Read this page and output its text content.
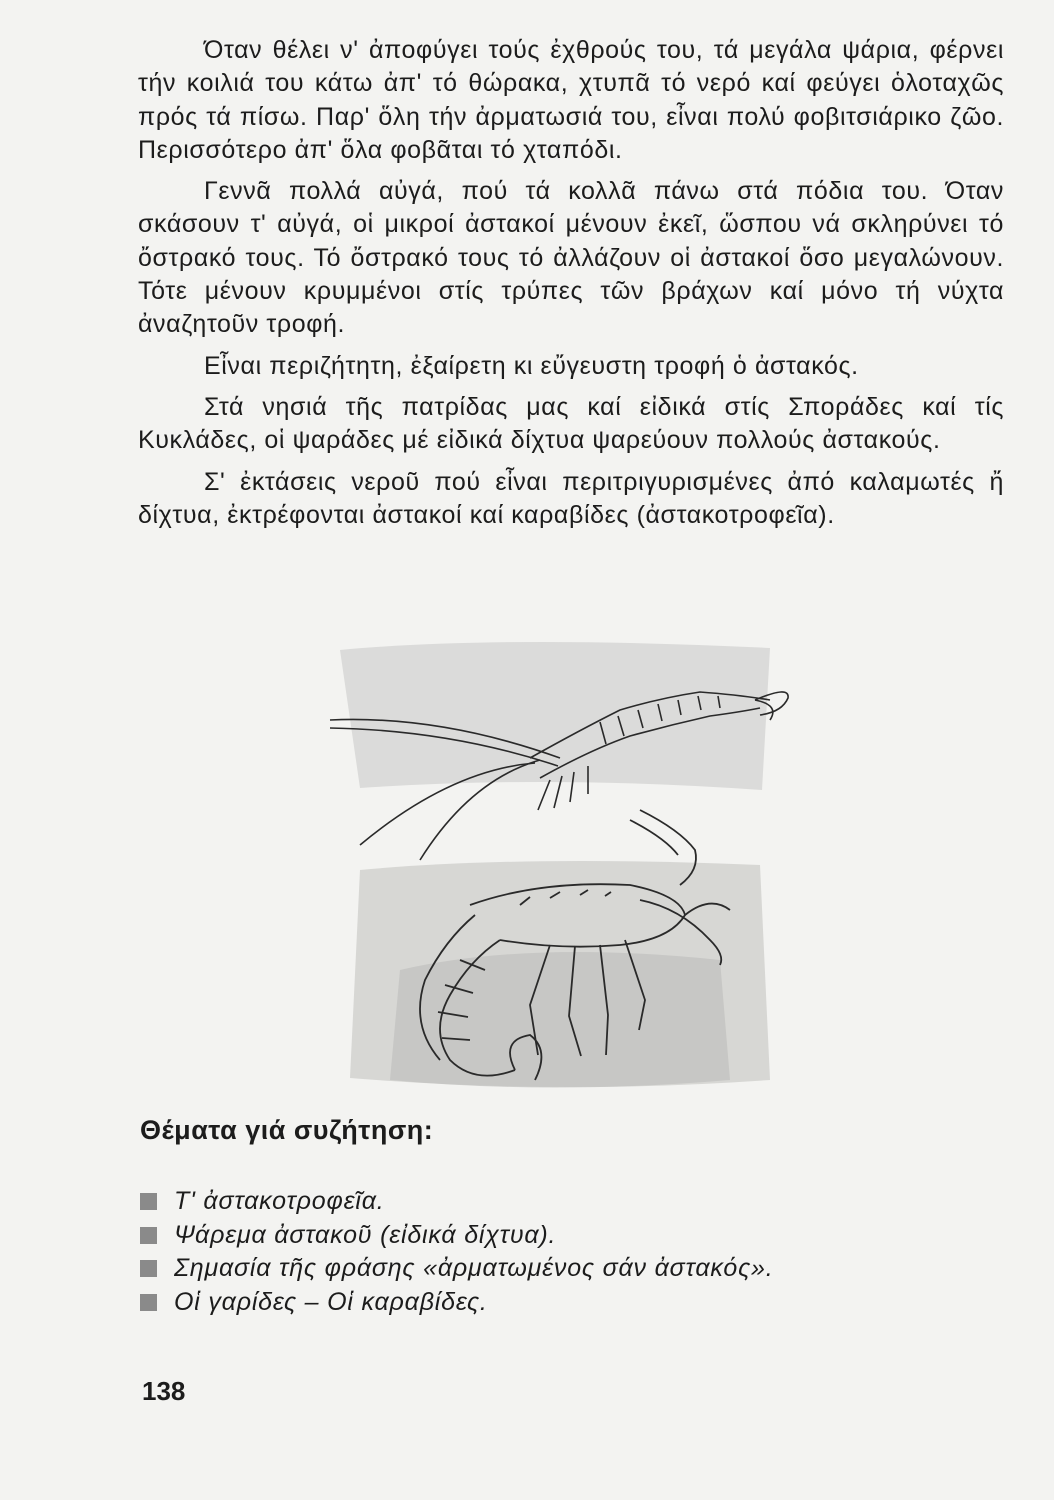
Όταν θέλει ν' ἀποφύγει τούς ἐχθρούς του, τά μεγάλα ψάρια, φέρνει τήν κοιλιά του κάτω ἀπ' τό θώρακα, χτυπᾶ τό νερό καί φεύγει ὁλοταχῶς πρός τά πίσω. Παρ' ὅλη τήν ἀρματωσιά του, εἶναι πολύ φοβιτσιάρικο ζῶο. Περισσότερο ἀπ' ὅλα φοβᾶται τό χταπόδι.

Γεννᾶ πολλά αὐγά, πού τά κολλᾶ πάνω στά πόδια του. Όταν σκάσουν τ' αὐγά, οἱ μικροί ἀστακοί μένουν ἐκεῖ, ὥσπου νά σκληρύνει τό ὄστρακό τους. Τό ὄστρακό τους τό ἀλλάζουν οἱ ἀστακοί ὅσο μεγαλώνουν. Τότε μένουν κρυμμένοι στίς τρύπες τῶν βράχων καί μόνο τή νύχτα ἀναζητοῦν τροφή.

Εἶναι περιζήτητη, ἐξαίρετη κι εὔγευστη τροφή ὁ ἀστακός.

Στά νησιά τῆς πατρίδας μας καί εἰδικά στίς Σποράδες καί τίς Κυκλάδες, οἱ ψαράδες μέ εἰδικά δίχτυα ψαρεύουν πολλούς ἀστακούς.

Σ' ἐκτάσεις νεροῦ πού εἶναι περιτριγυρισμένες ἀπό καλαμωτές ἤ δίχτυα, ἐκτρέφονται ἀστακοί καί καραβίδες (ἀστακοτροφεῖα).

Θέματα γιά συζήτηση:
Τ' ἀστακοτροφεῖα.
Ψάρεμα ἀστακοῦ (εἰδικά δίχτυα).
Σημασία τῆς φράσης «ἀρματωμένος σάν ἀστακός».
Οἱ γαρίδες – Οἱ καραβίδες.
138
